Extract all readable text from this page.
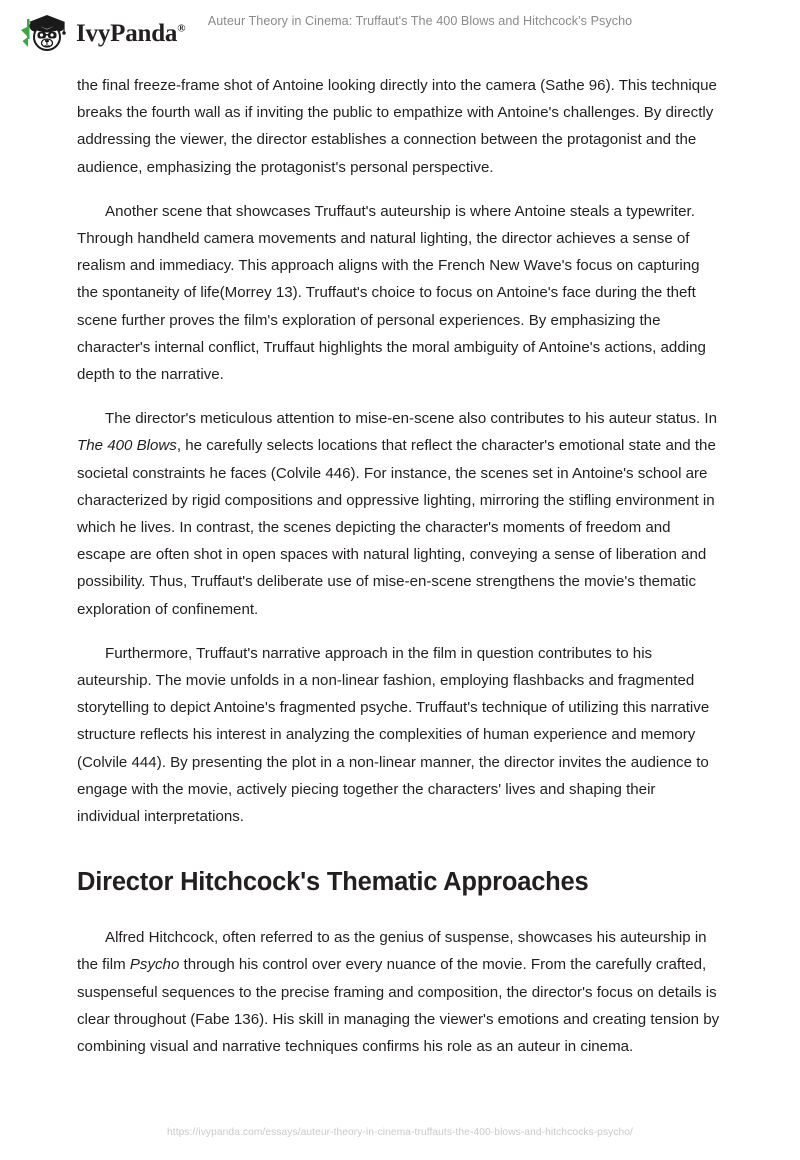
IvyPanda®
Auteur Theory in Cinema: Truffaut's The 400 Blows and Hitchcock’s Psycho

the final freeze-frame shot of Antoine looking directly into the camera (Sathe 96). This technique breaks the fourth wall as if inviting the public to empathize with Antoine's challenges. By directly addressing the viewer, the director establishes a connection between the protagonist and the audience, emphasizing the protagonist's personal perspective.

Another scene that showcases Truffaut's auteurship is where Antoine steals a typewriter. Through handheld camera movements and natural lighting, the director achieves a sense of realism and immediacy. This approach aligns with the French New Wave's focus on capturing the spontaneity of life(Morrey 13). Truffaut's choice to focus on Antoine's face during the theft scene further proves the film's exploration of personal experiences. By emphasizing the character's internal conflict, Truffaut highlights the moral ambiguity of Antoine's actions, adding depth to the narrative.

The director's meticulous attention to mise-en-scene also contributes to his auteur status. In The 400 Blows, he carefully selects locations that reflect the character's emotional state and the societal constraints he faces (Colvile 446). For instance, the scenes set in Antoine's school are characterized by rigid compositions and oppressive lighting, mirroring the stifling environment in which he lives. In contrast, the scenes depicting the character's moments of freedom and escape are often shot in open spaces with natural lighting, conveying a sense of liberation and possibility. Thus, Truffaut's deliberate use of mise-en-scene strengthens the movie's thematic exploration of confinement.

Furthermore, Truffaut's narrative approach in the film in question contributes to his auteurship. The movie unfolds in a non-linear fashion, employing flashbacks and fragmented storytelling to depict Antoine's fragmented psyche. Truffaut's technique of utilizing this narrative structure reflects his interest in analyzing the complexities of human experience and memory (Colvile 444). By presenting the plot in a non-linear manner, the director invites the audience to engage with the movie, actively piecing together the characters' lives and shaping their individual interpretations.

Director Hitchcock's Thematic Approaches

Alfred Hitchcock, often referred to as the genius of suspense, showcases his auteurship in the film Psycho through his control over every nuance of the movie. From the carefully crafted, suspenseful sequences to the precise framing and composition, the director's focus on details is clear throughout (Fabe 136). His skill in managing the viewer's emotions and creating tension by combining visual and narrative techniques confirms his role as an auteur in cinema.

https://ivypanda.com/essays/auteur-theory-in-cinema-truffauts-the-400-blows-and-hitchcocks-psycho/
